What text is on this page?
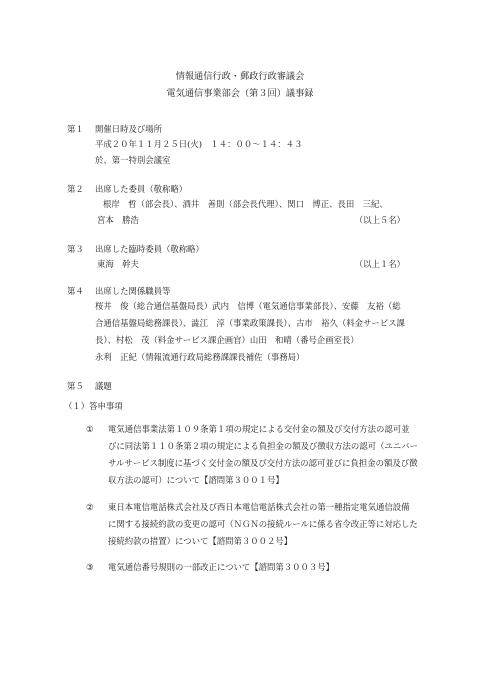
情報通信行政・郵政行政審議会
電気通信事業部会（第３回）議事録
第１ 開催日時及び場所
平成２０年１１月２５日(火)　１４：００～１４：４３
於、第一特別会議室
第２ 出席した委員（敬称略）
根岸　哲（部会長）、酒井　善則（部会長代理）、関口　博正、長田　三紀、
宮本　勝浩	（以上５名）
第３ 出席した臨時委員（敬称略）
東海　幹夫	（以上１名）
第４ 出席した関係職員等
桜井　俊（総合通信基盤局長）武内　信博（電気通信事業部長）、安藤　友裕（総
合通信基盤局総務課長）、澁江　淳（事業政策課長）、古市　裕久（料金サービス課
長）、村松　茂（料金サービス課企画官）山田　和晴（番号企画室長）
永利　正紀（情報流通行政局総務課課長補佐（事務局）
第５ 議題
（１）答申事項
① 電気通信事業法第１０９条第１項の規定による交付金の額及び交付方法の認可並
びに同法第１１０条第２項の規定による負担金の額及び徴収方法の認可（ユニバー
サルサービス制度に基づく交付金の額及び交付方法の認可並びに負担金の額及び徴
収方法の認可）について【諮問第３００１号】
② 東日本電信電話株式会社及び西日本電信電話株式会社の第一種指定電気通信設備
に関する接続約款の変更の認可（ＮＧＮの接続ルールに係る省令改正等に対応した
接続約款の措置）について【諮問第３００２号】
③ 電気通信番号規則の一部改正について【諮問第３００３号】
